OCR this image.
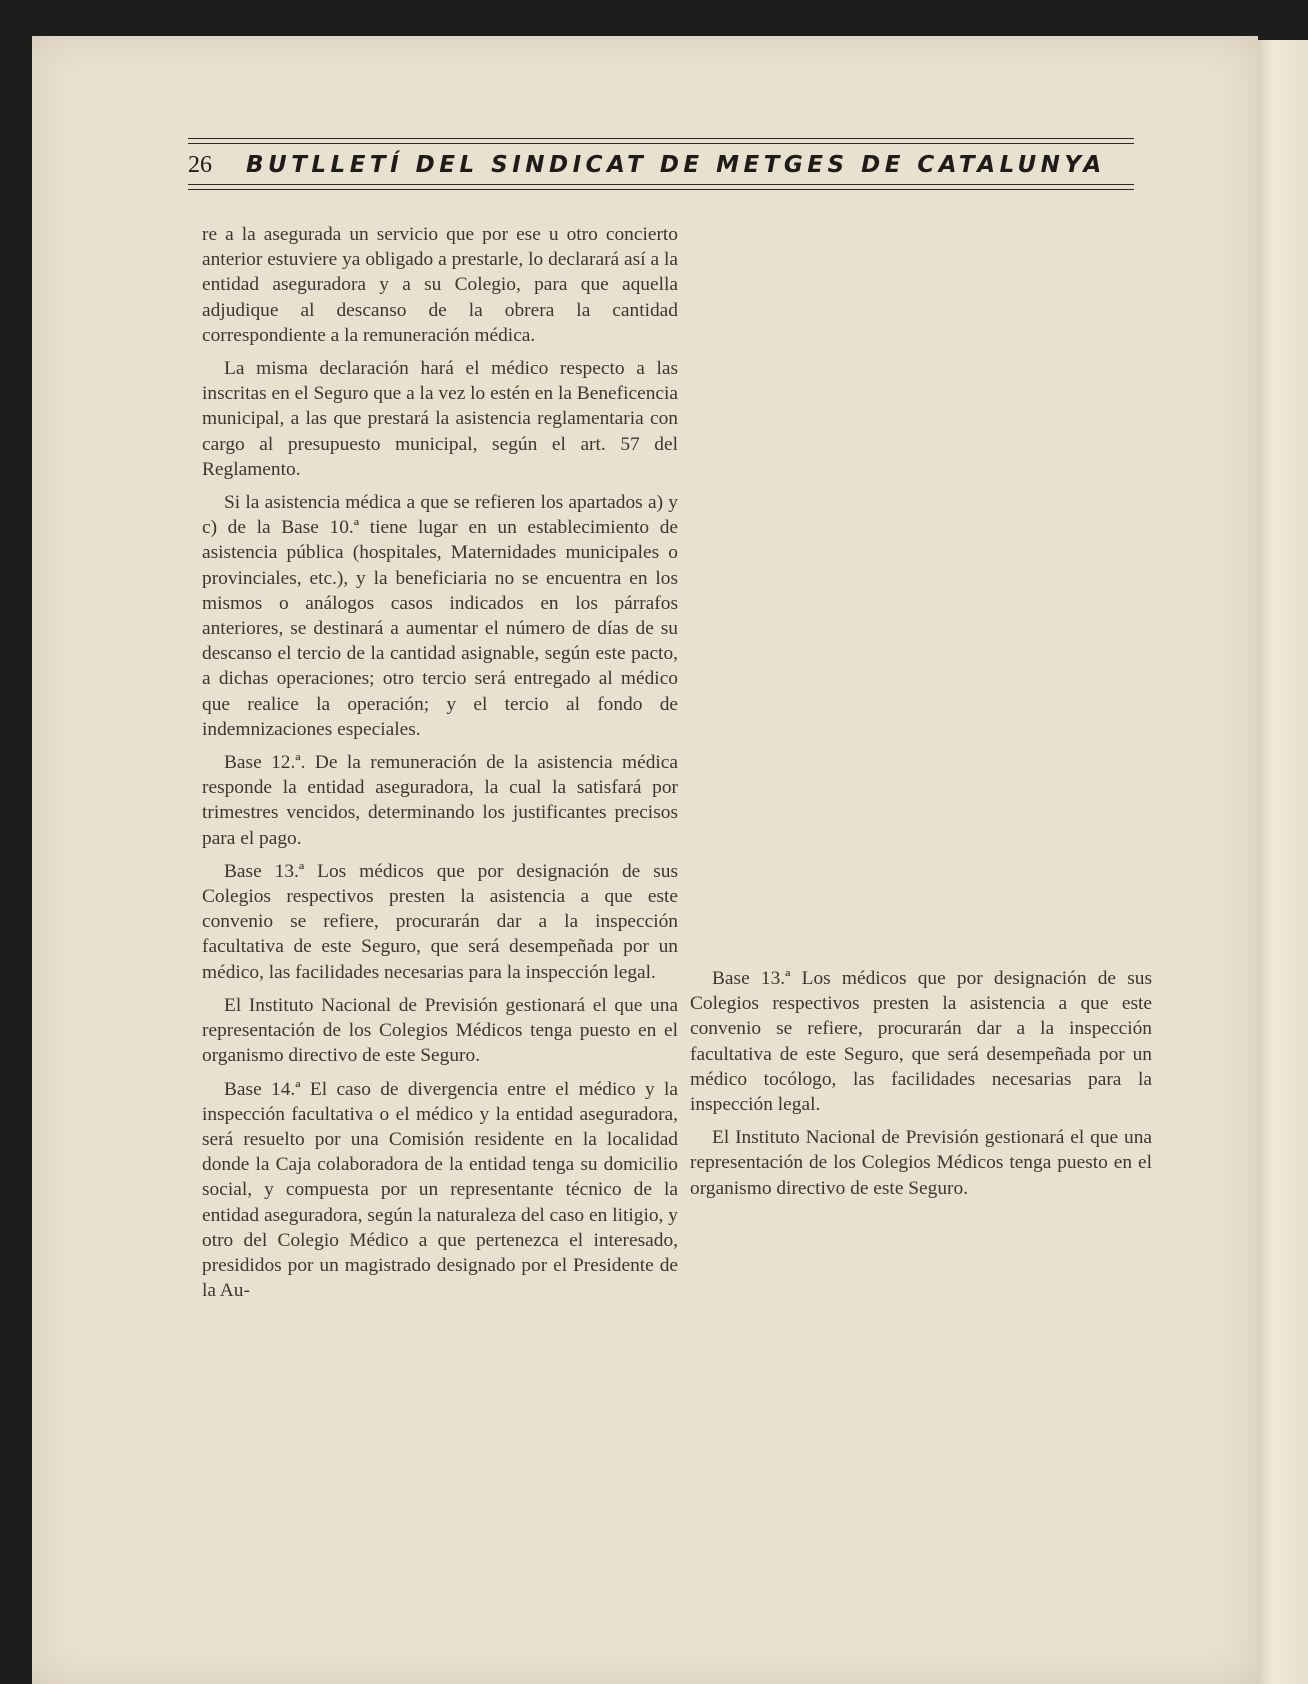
26 BUTLLETÍ DEL SINDICAT DE METGES DE CATALUNYA

re a la asegurada un servicio que por ese u otro concierto anterior estuviere ya obligado a prestarle, lo declarará así a la entidad aseguradora y a su Colegio, para que aquella adjudique al descanso de la obrera la cantidad correspondiente a la remuneración médica.

La misma declaración hará el médico respecto a las inscritas en el Seguro que a la vez lo estén en la Beneficencia municipal, a las que prestará la asistencia reglamentaria con cargo al presupuesto municipal, según el art. 57 del Reglamento.

Si la asistencia médica a que se refieren los apartados a) y c) de la Base 10.ª tiene lugar en un establecimiento de asistencia pública (hospitales, Maternidades municipales o provinciales, etc.), y la beneficiaria no se encuentra en los mismos o análogos casos indicados en los párrafos anteriores, se destinará a aumentar el número de días de su descanso el tercio de la cantidad asignable, según este pacto, a dichas operaciones; otro tercio será entregado al médico que realice la operación; y el tercio al fondo de indemnizaciones especiales.

Base 12.ª. De la remuneración de la asistencia médica responde la entidad aseguradora, la cual la satisfará por trimestres vencidos, determinando los justificantes precisos para el pago.

Base 13.ª Los médicos que por designación de sus Colegios respectivos presten la asistencia a que este convenio se refiere, procurarán dar a la inspección facultativa de este Seguro, que será desempeñada por un médico, las facilidades necesarias para la inspección legal.

El Instituto Nacional de Previsión gestionará el que una representación de los Colegios Médicos tenga puesto en el organismo directivo de este Seguro.

Base 14.ª El caso de divergencia entre el médico y la inspección facultativa o el médico y la entidad aseguradora, será resuelto por una Comisión residente en la localidad donde la Caja colaboradora de la entidad tenga su domicilio social, y compuesta por un representante técnico de la entidad aseguradora, según la naturaleza del caso en litigio, y otro del Colegio Médico a que pertenezca el interesado, presididos por un magistrado designado por el Presidente de la Au-

Base 13.ª Los médicos que por designación de sus Colegios respectivos presten la asistencia a que este convenio se refiere, procurarán dar a la inspección facultativa de este Seguro, que será desempeñada por un médico tocólogo, las facilidades necesarias para la inspección legal.

El Instituto Nacional de Previsión gestionará el que una representación de los Colegios Médicos tenga puesto en el organismo directivo de este Seguro.
